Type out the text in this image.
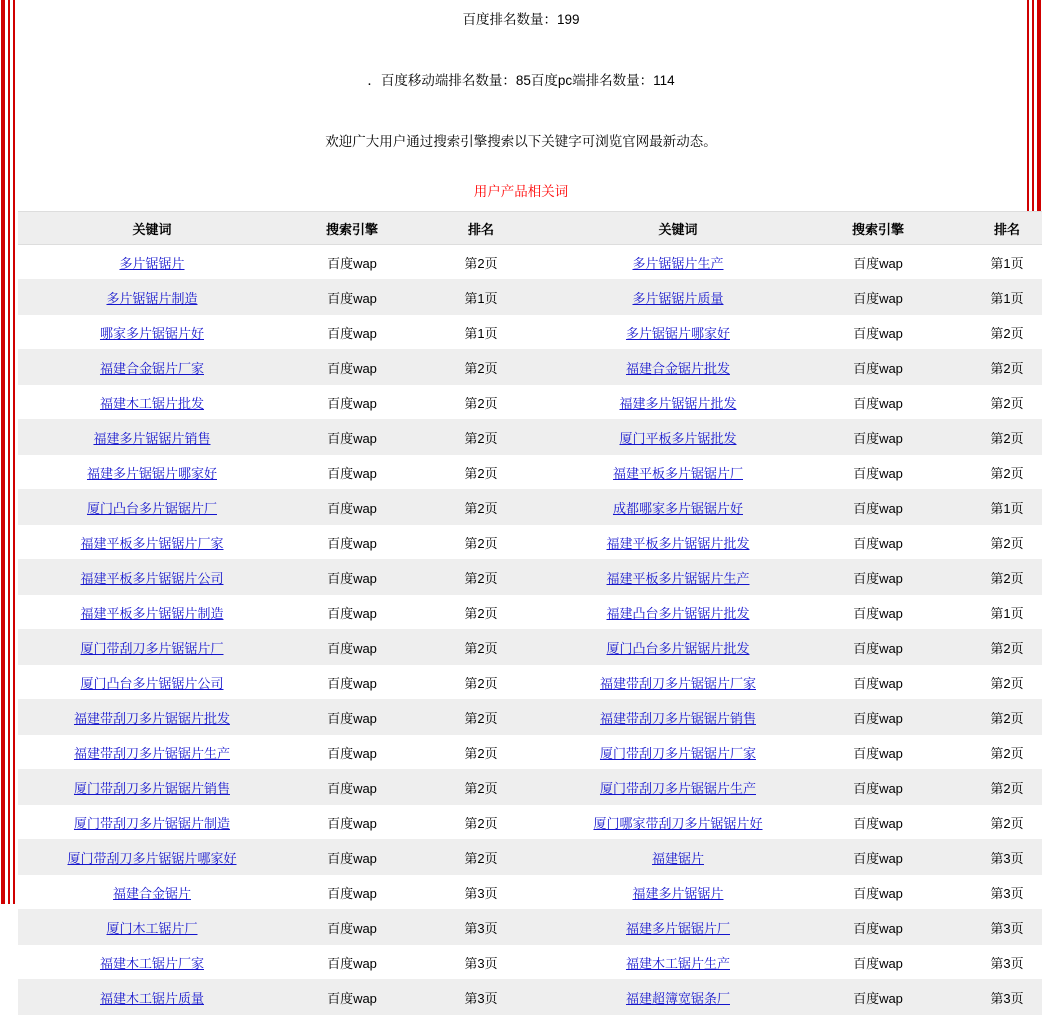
百度排名数量：199
．百度移动端排名数量：85百度pc端排名数量：114
欢迎广大用户通过搜索引擎搜索以下关键字可浏览官网最新动态。
用户产品相关词
关键词	搜索引擎	排名	关键词	搜索引擎	排名
多片锯锯片	百度wap	第2页	多片锯锯片生产	百度wap	第1页
多片锯锯片制造	百度wap	第1页	多片锯锯片质量	百度wap	第1页
哪家多片锯锯片好	百度wap	第1页	多片锯锯片哪家好	百度wap	第2页
福建合金锯片厂家	百度wap	第2页	福建合金锯片批发	百度wap	第2页
福建木工锯片批发	百度wap	第2页	福建多片锯锯片批发	百度wap	第2页
福建多片锯锯片销售	百度wap	第2页	厦门平板多片锯批发	百度wap	第2页
福建多片锯锯片哪家好	百度wap	第2页	福建平板多片锯锯片厂	百度wap	第2页
厦门凸台多片锯锯片厂	百度wap	第2页	成都哪家多片锯锯片好	百度wap	第1页
福建平板多片锯锯片厂家	百度wap	第2页	福建平板多片锯锯片批发	百度wap	第2页
福建平板多片锯锯片公司	百度wap	第2页	福建平板多片锯锯片生产	百度wap	第2页
福建平板多片锯锯片制造	百度wap	第2页	福建凸台多片锯锯片批发	百度wap	第1页
厦门带刮刀多片锯锯片厂	百度wap	第2页	厦门凸台多片锯锯片批发	百度wap	第2页
厦门凸台多片锯锯片公司	百度wap	第2页	福建带刮刀多片锯锯片厂家	百度wap	第2页
福建带刮刀多片锯锯片批发	百度wap	第2页	福建带刮刀多片锯锯片销售	百度wap	第2页
福建带刮刀多片锯锯片生产	百度wap	第2页	厦门带刮刀多片锯锯片厂家	百度wap	第2页
厦门带刮刀多片锯锯片销售	百度wap	第2页	厦门带刮刀多片锯锯片生产	百度wap	第2页
厦门带刮刀多片锯锯片制造	百度wap	第2页	厦门哪家带刮刀多片锯锯片好	百度wap	第2页
厦门带刮刀多片锯锯片哪家好	百度wap	第2页	福建锯片	百度wap	第3页
福建合金锯片	百度wap	第3页	福建多片锯锯片	百度wap	第3页
厦门木工锯片厂	百度wap	第3页	福建多片锯锯片厂	百度wap	第3页
福建木工锯片厂家	百度wap	第3页	福建木工锯片生产	百度wap	第3页
福建木工锯片质量	百度wap	第3页	福建超簿宽锯条厂	百度wap	第3页
